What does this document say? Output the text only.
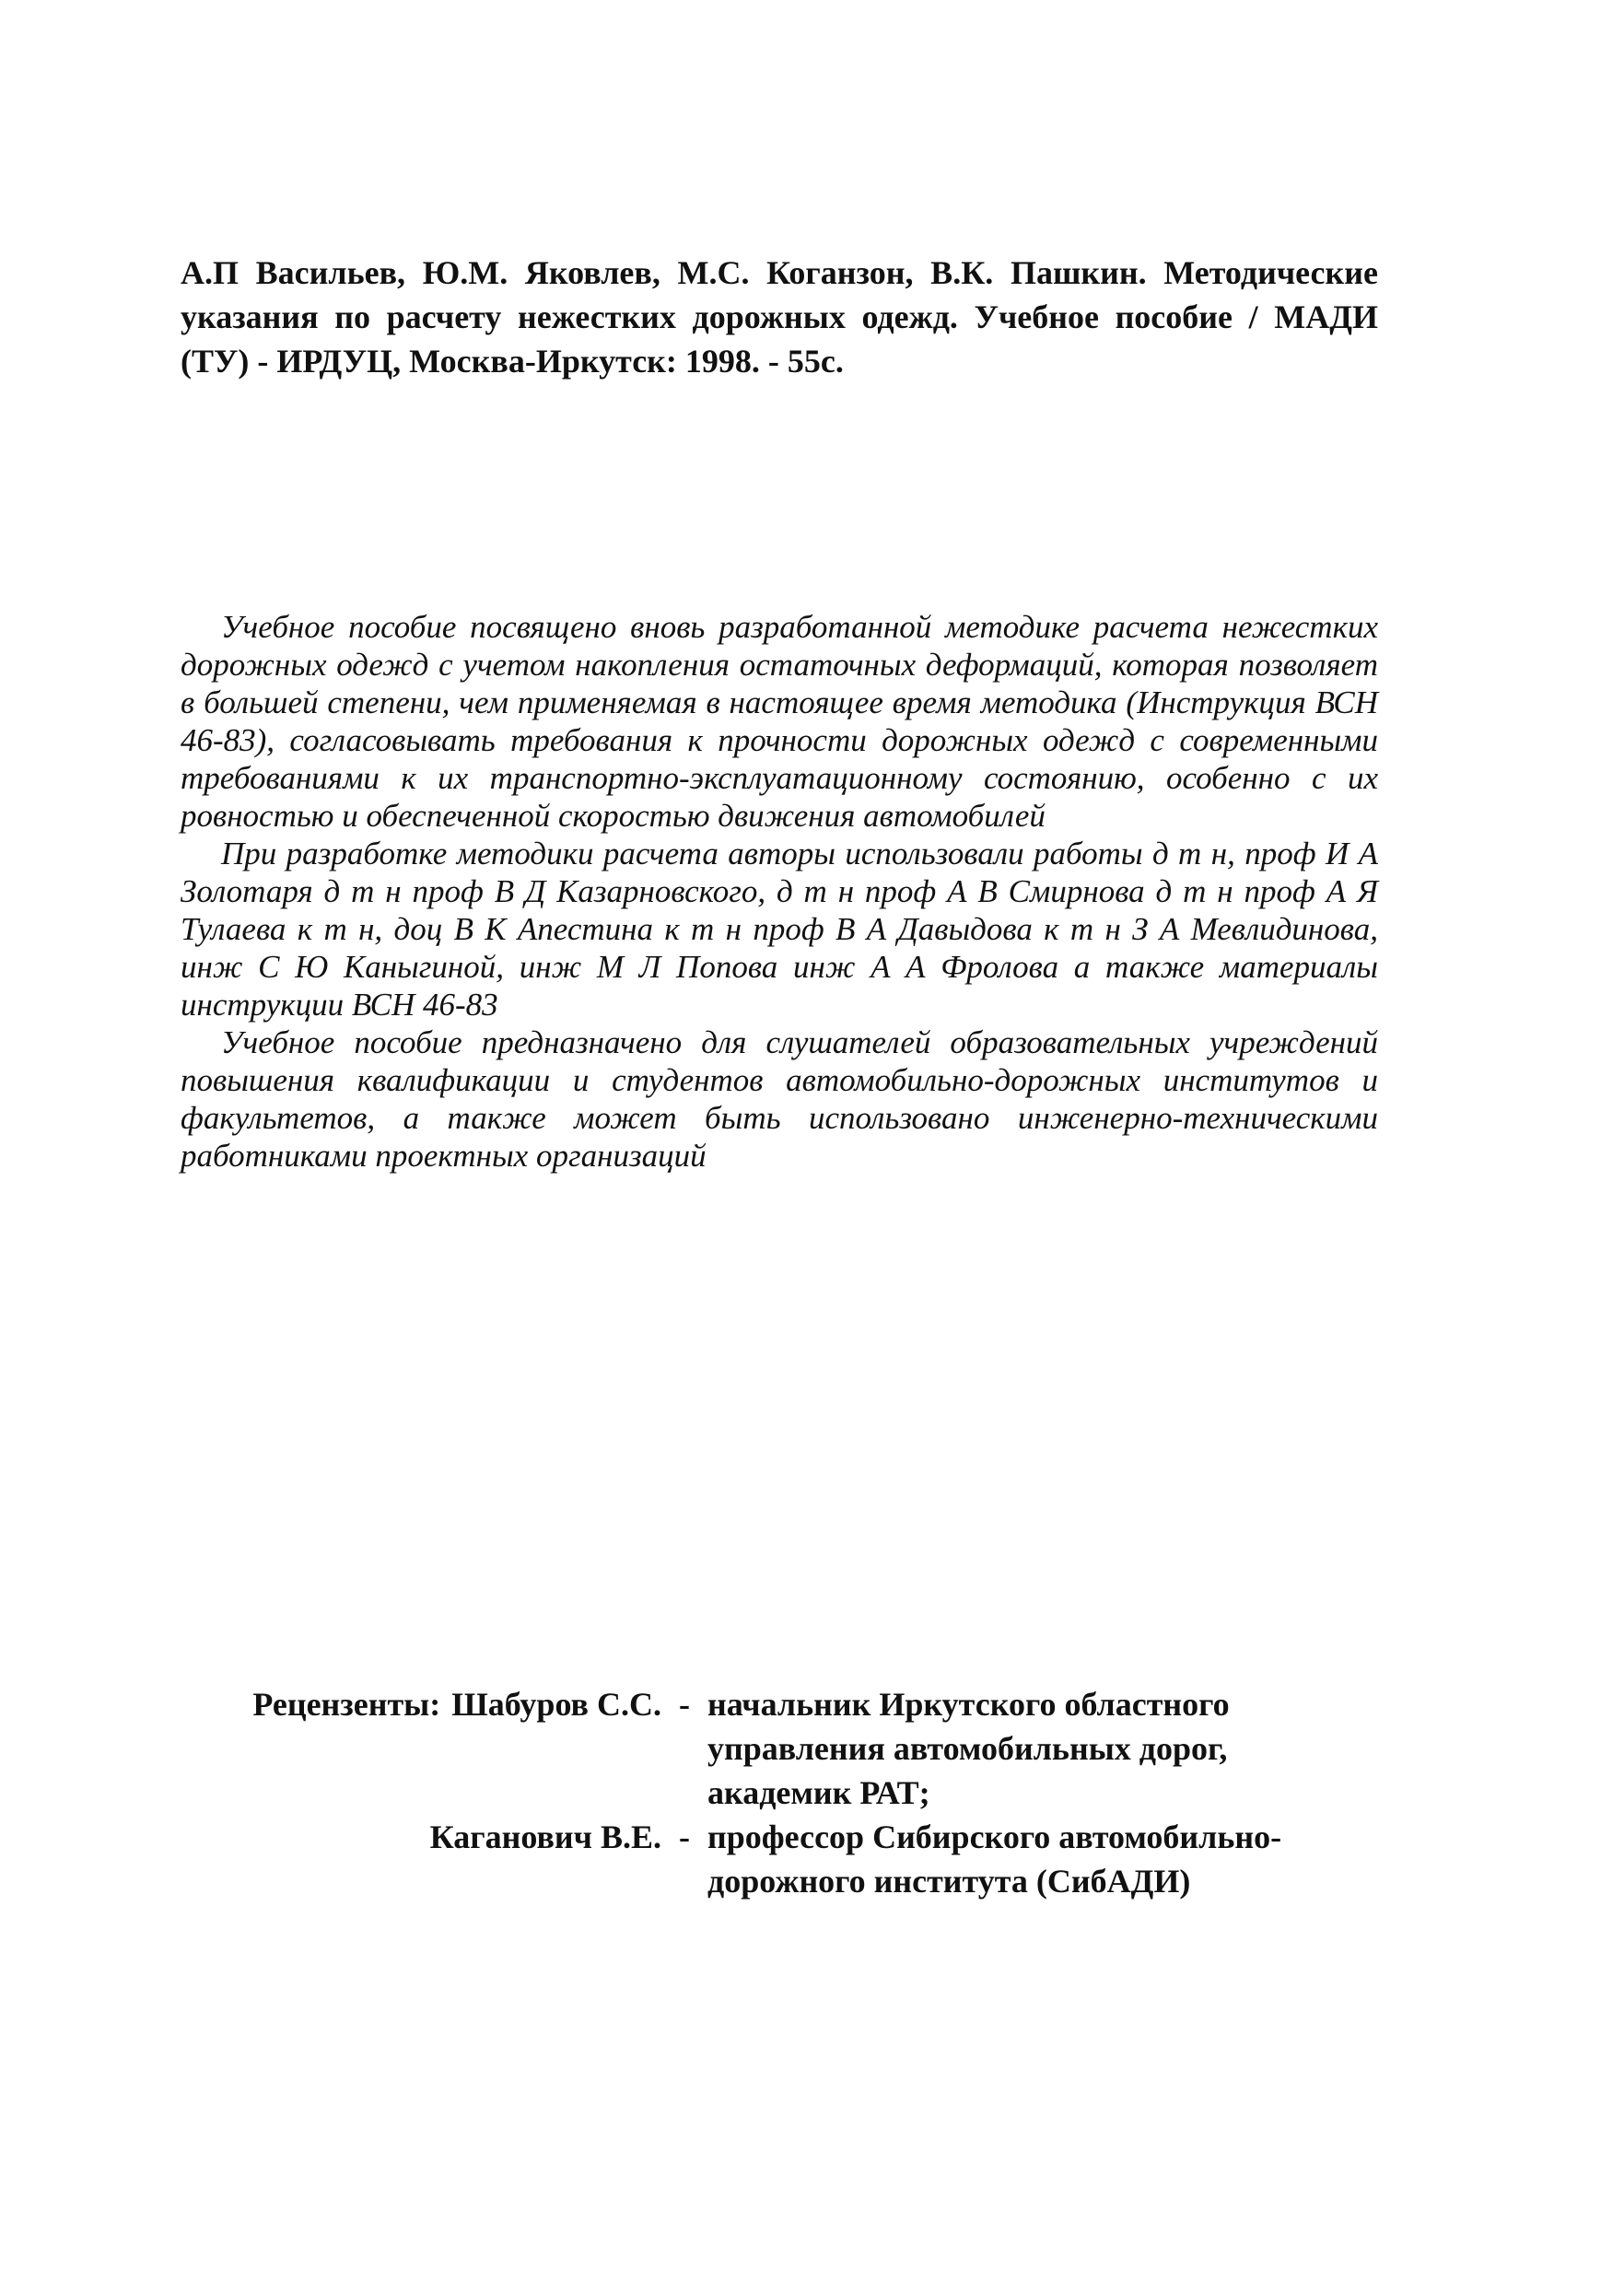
А.П Васильев, Ю.М. Яковлев, М.С. Коганзон, В.К. Пашкин. Методические указания по расчету нежестких дорожных одежд. Учебное пособие / МАДИ (ТУ) - ИРДУЦ, Москва-Иркутск: 1998. - 55с.

Учебное пособие посвящено вновь разработанной методике расчета нежестких дорожных одежд с учетом накопления остаточных деформаций, которая позволяет в большей степени, чем применяемая в настоящее время методика (Инструкция ВСН 46-83), согласовывать требования к прочности дорожных одежд с современными требованиями к их транспортно-эксплуатационному состоянию, особенно с их ровностью и обеспеченной скоростью движения автомобилей

При разработке методики расчета авторы использовали работы д т н, проф И А Золотаря д т н проф В Д Казарновского, д т н проф А В Смирнова д т н проф А Я Тулаева к т н, доц В К Апестина к т н проф В А Давыдова к т н З А Мевлидинова, инж С Ю Каныгиной, инж М Л Попова инж А А Фролова а также материалы инструкции ВСН 46-83

Учебное пособие предназначено для слушателей образовательных учреждений повышения квалификации и студентов автомобильно-дорожных институтов и факультетов, а также может быть использовано инженерно-техническими работниками проектных организаций

Рецензенты: Шабуров С.С. - начальник Иркутского областного
управления автомобильных дорог,
академик РАТ;
Каганович В.Е. - профессор Сибирского автомобильно-
дорожного института (СибАДИ)
